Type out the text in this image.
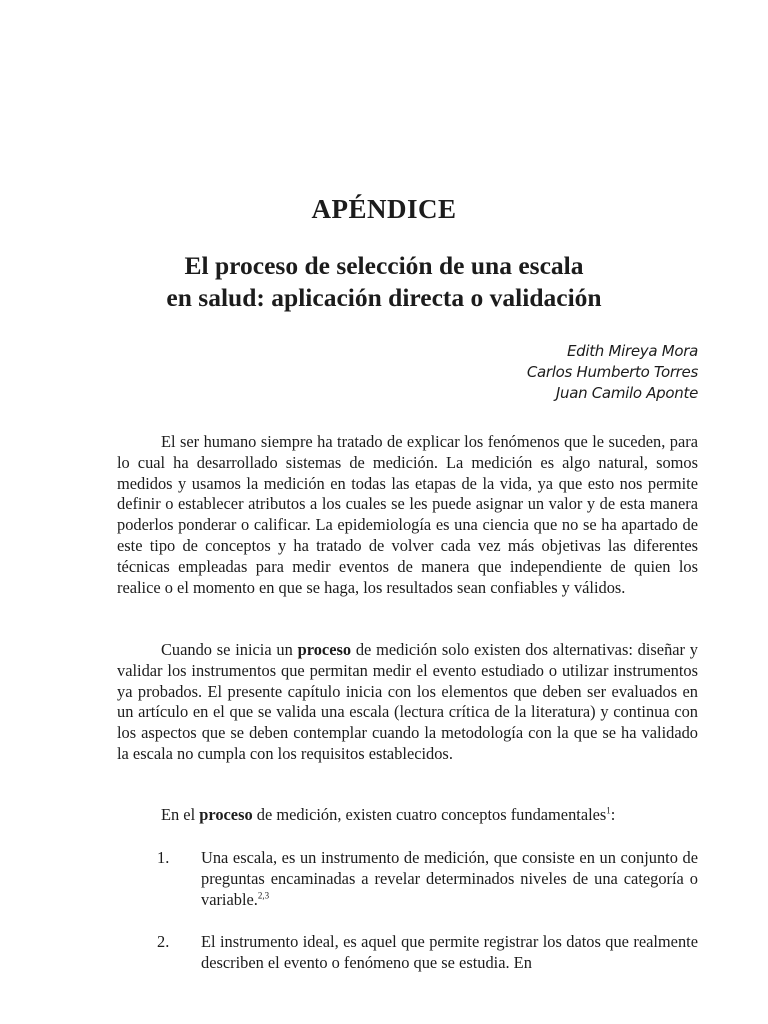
APÉNDICE
El proceso de selección de una escala
en salud: aplicación directa o validación
Edith Mireya Mora
Carlos Humberto Torres
Juan Camilo Aponte

El ser humano siempre ha tratado de explicar los fenómenos que le suceden, para lo cual ha desarrollado sistemas de medición. La medición es algo natural, somos medidos y usamos la medición en todas las etapas de la vida, ya que esto nos permite definir o establecer atributos a los cuales se les puede asignar un valor y de esta manera poderlos ponderar o calificar. La epidemiología es una ciencia que no se ha apartado de este tipo de conceptos y ha tratado de volver cada vez más objetivas las diferentes técnicas empleadas para medir eventos de manera que independiente de quien los realice o el momento en que se haga, los resultados sean confiables y válidos.

Cuando se inicia un proceso de medición solo existen dos alternativas: diseñar y validar los instrumentos que permitan medir el evento estudiado o utilizar instrumentos ya probados. El presente capítulo inicia con los elementos que deben ser evaluados en un artículo en el que se valida una escala (lectura crítica de la literatura) y continua con los aspectos que se deben contemplar cuando la metodología con la que se ha validado la escala no cumpla con los requisitos establecidos.

En el proceso de medición, existen cuatro conceptos fundamentales$^1$:

1.	Una escala, es un instrumento de medición, que consiste en un conjunto de preguntas encaminadas a revelar determinados niveles de una categoría o variable.$^{2,3}$
2.	El instrumento ideal, es aquel que permite registrar los datos que realmente describen el evento o fenómeno que se estudia. En
